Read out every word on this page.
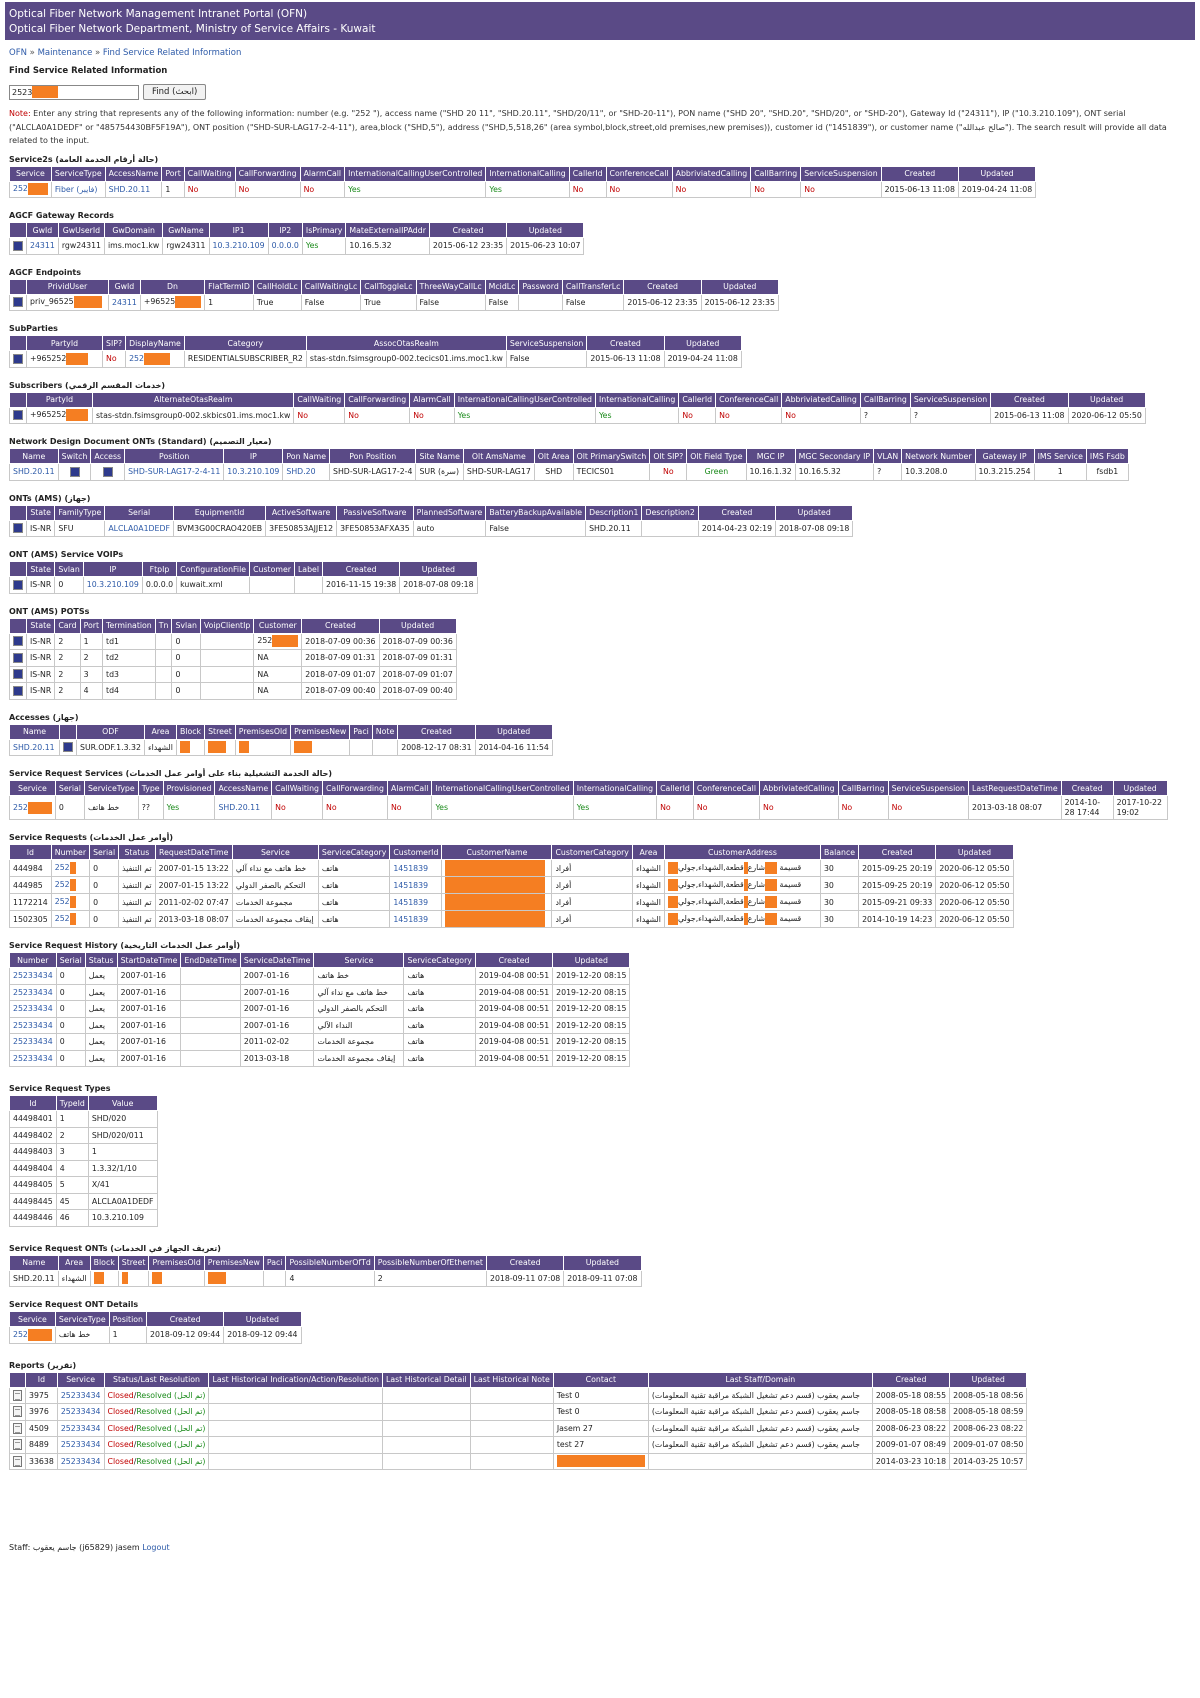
Optical Fiber Network Management Intranet Portal (OFN)
Optical Fiber Network Department, Ministry of Service Affairs - Kuwait
OFN » Maintenance » Find Service Related Information
Find Service Related Information
2523	Find (ابحث)
Note: Enter any string that represents any of the following information: number (e.g. "252 "), access name ("SHD 20 11", "SHD.20.11", "SHD/20/11", or "SHD-20-11"), PON name ("SHD 20", "SHD.20", "SHD/20", or "SHD-20"), Gateway Id ("24311"), IP ("10.3.210.109"), ONT serial ("ALCLA0A1DEDF" or "485754430BF5F19A"), ONT position ("SHD-SUR-LAG17-2-4-11"), area,block ("SHD,5"), address ("SHD,5,518,26" (area symbol,block,street,old premises,new premises)), customer id ("1451839"), or customer name ("صالح عبدالله"). The search result will provide all data related to the input.
Service2s (حالة أرقام الخدمة العامة)
Service	ServiceType	AccessName	Port	CallWaiting	CallForwarding	AlarmCall	InternationalCallingUserControlled	InternationalCalling	CallerId	ConferenceCall	AbbriviatedCalling	CallBarring	ServiceSuspension	Created	Updated
252	Fiber (فايبر)	SHD.20.11	1	No	No	No	Yes	Yes	No	No	No	No	No	2015-06-13 11:08	2019-04-24 11:08
AGCF Gateway Records
	GwId	GwUserId	GwDomain	GwName	IP1	IP2	IsPrimary	MateExternalIPAddr	Created	Updated
	24311	rgw24311	ims.moc1.kw	rgw24311	10.3.210.109	0.0.0.0	Yes	10.16.5.32	2015-06-12 23:35	2015-06-23 10:07
AGCF Endpoints
	PrividUser	GwId	Dn	FlatTermID	CallHoldLc	CallWaitingLc	CallToggleLc	ThreeWayCallLc	McidLc	Password	CallTransferLc	Created	Updated
	priv_96525	24311	+96525	1	True	False	True	False	False		False	2015-06-12 23:35	2015-06-12 23:35
SubParties
	PartyId	SIP?	DisplayName	Category	AssocOtasRealm	ServiceSuspension	Created	Updated
	+965252	No	252	RESIDENTIALSUBSCRIBER_R2	stas-stdn.fsimsgroup0-002.tecics01.ims.moc1.kw	False	2015-06-13 11:08	2019-04-24 11:08
Subscribers (خدمات المقسم الرقمي)
	PartyId	AlternateOtasRealm	CallWaiting	CallForwarding	AlarmCall	InternationalCallingUserControlled	InternationalCalling	CallerId	ConferenceCall	AbbriviatedCalling	CallBarring	ServiceSuspension	Created	Updated
	+965252	stas-stdn.fsimsgroup0-002.skbics01.ims.moc1.kw	No	No	No	Yes	Yes	No	No	No	?	?	2015-06-13 11:08	2020-06-12 05:50
Network Design Document ONTs (Standard) (معيار التصميم)
Name	Switch	Access	Position	IP	Pon Name	Pon Position	Site Name	Olt AmsName	Olt Area	Olt PrimarySwitch	Olt SIP?	Olt Field Type	MGC IP	MGC Secondary IP	VLAN	Network Number	Gateway IP	IMS Service	IMS Fsdb
SHD.20.11			SHD-SUR-LAG17-2-4-11	10.3.210.109	SHD.20	SHD-SUR-LAG17-2-4	SUR (سرة)	SHD-SUR-LAG17	SHD	TECICS01	No	Green	10.16.1.32	10.16.5.32	?	10.3.208.0	10.3.215.254	1	fsdb1
ONTs (AMS) (جهاز)
	State	FamilyType	Serial	EquipmentId	ActiveSoftware	PassiveSoftware	PlannedSoftware	BatteryBackupAvailable	Description1	Description2	Created	Updated
	IS-NR	SFU	ALCLA0A1DEDF	BVM3G00CRAO420EB	3FE50853AJJE12	3FE50853AFXA35	auto	False	SHD.20.11		2014-04-23 02:19	2018-07-08 09:18
ONT (AMS) Service VOIPs
	State	Svlan	IP	FtpIp	ConfigurationFile	Customer	Label	Created	Updated
	IS-NR	0	10.3.210.109	0.0.0.0	kuwait.xml			2016-11-15 19:38	2018-07-08 09:18
ONT (AMS) POTSs
	State	Card	Port	Termination	Tn	Svlan	VoipClientIp	Customer	Created	Updated
	IS-NR	2	1	td1		0		252	2018-07-09 00:36	2018-07-09 00:36
	IS-NR	2	2	td2		0		NA	2018-07-09 01:31	2018-07-09 01:31
	IS-NR	2	3	td3		0		NA	2018-07-09 01:07	2018-07-09 01:07
	IS-NR	2	4	td4		0		NA	2018-07-09 00:40	2018-07-09 00:40
Accesses (جهاز)
Name		ODF	Area	Block	Street	PremisesOld	PremisesNew	Paci	Note	Created	Updated
SHD.20.11		SUR.ODF.1.3.32	الشهداء							2008-12-17 08:31	2014-04-16 11:54
Service Request Services (حالة الخدمة التشغيلية بناء على أوامر عمل الخدمات)
Service	Serial	ServiceType	Type	Provisioned	AccessName	CallWaiting	CallForwarding	AlarmCall	InternationalCallingUserControlled	InternationalCalling	CallerId	ConferenceCall	AbbriviatedCalling	CallBarring	ServiceSuspension	LastRequestDateTime	Created	Updated
252	0	خط هاتف	??	Yes	SHD.20.11	No	No	No	Yes	Yes	No	No	No	No	No	2013-03-18 08:07	2014-10-28 17:44	2017-10-22 19:02
Service Requests (أوامر عمل الخدمات)
Id	Number	Serial	Status	RequestDateTime	Service	ServiceCategory	CustomerId	CustomerName	CustomerCategory	Area	CustomerAddress	Balance	Created	Updated
444984	252	0	تم التنفيذ	2007-01-15 13:22	خط هاتف مع نداء آلي	هاتف	1451839		أفراد	الشهداء	قسيمة شارعقطعة,الشهداء,جولي	30	2015-09-25 20:19	2020-06-12 05:50
444985	252	0	تم التنفيذ	2007-01-15 13:22	التحكم بالصفر الدولي	هاتف	1451839		أفراد	الشهداء	قسيمة شارعقطعة,الشهداء,جولي	30	2015-09-25 20:19	2020-06-12 05:50
1172214	252	0	تم التنفيذ	2011-02-02 07:47	مجموعة الخدمات	هاتف	1451839		أفراد	الشهداء	قسيمة شارعقطعة,الشهداء,جولي	30	2015-09-21 09:33	2020-06-12 05:50
1502305	252	0	تم التنفيذ	2013-03-18 08:07	إيقاف مجموعة الخدمات	هاتف	1451839		أفراد	الشهداء	قسيمة شارعقطعة,الشهداء,جولي	30	2014-10-19 14:23	2020-06-12 05:50
Service Request History (أوامر عمل الخدمات التاريخية)
Number	Serial	Status	StartDateTime	EndDateTime	ServiceDateTime	Service	ServiceCategory	Created	Updated
25233434	0	يعمل	2007-01-16		2007-01-16	خط هاتف	هاتف	2019-04-08 00:51	2019-12-20 08:15
25233434	0	يعمل	2007-01-16		2007-01-16	خط هاتف مع نداء آلي	هاتف	2019-04-08 00:51	2019-12-20 08:15
25233434	0	يعمل	2007-01-16		2007-01-16	التحكم بالصفر الدولي	هاتف	2019-04-08 00:51	2019-12-20 08:15
25233434	0	يعمل	2007-01-16		2007-01-16	النداء الآلي	هاتف	2019-04-08 00:51	2019-12-20 08:15
25233434	0	يعمل	2007-01-16		2011-02-02	مجموعة الخدمات	هاتف	2019-04-08 00:51	2019-12-20 08:15
25233434	0	يعمل	2007-01-16		2013-03-18	إيقاف مجموعة الخدمات	هاتف	2019-04-08 00:51	2019-12-20 08:15
Service Request Types
Id	TypeId	Value
44498401	1	SHD/020
44498402	2	SHD/020/011
44498403	3	1
44498404	4	1.3.32/1/10
44498405	5	X/41
44498445	45	ALCLA0A1DEDF
44498446	46	10.3.210.109
Service Request ONTs (تعريف الجهاز في الخدمات)
Name	Area	Block	Street	PremisesOld	PremisesNew	Paci	PossibleNumberOfTd	PossibleNumberOfEthernet	Created	Updated
SHD.20.11	الشهداء						4	2	2018-09-11 07:08	2018-09-11 07:08
Service Request ONT Details
Service	ServiceType	Position	Created	Updated
252	خط هاتف	1	2018-09-12 09:44	2018-09-12 09:44
Reports (تقرير)
	Id	Service	Status/Last Resolution	Last Historical Indication/Action/Resolution	Last Historical Detail	Last Historical Note	Contact	Last Staff/Domain	Created	Updated
	3975	25233434	Closed/Resolved (تم الحل)				Test 0	جاسم يعقوب (قسم دعم تشغيل الشبكة مراقبة تقنية المعلومات)	2008-05-18 08:55	2008-05-18 08:56
	3976	25233434	Closed/Resolved (تم الحل)				Test 0	جاسم يعقوب (قسم دعم تشغيل الشبكة مراقبة تقنية المعلومات)	2008-05-18 08:58	2008-05-18 08:59
	4509	25233434	Closed/Resolved (تم الحل)				Jasem 27	جاسم يعقوب (قسم دعم تشغيل الشبكة مراقبة تقنية المعلومات)	2008-06-23 08:22	2008-06-23 08:22
	8489	25233434	Closed/Resolved (تم الحل)				test 27	جاسم يعقوب (قسم دعم تشغيل الشبكة مراقبة تقنية المعلومات)	2009-01-07 08:49	2009-01-07 08:50
	33638	25233434	Closed/Resolved (تم الحل)						2014-03-23 10:18	2014-03-25 10:57
Staff: جاسم يعقوب (j65829) jasem Logout
